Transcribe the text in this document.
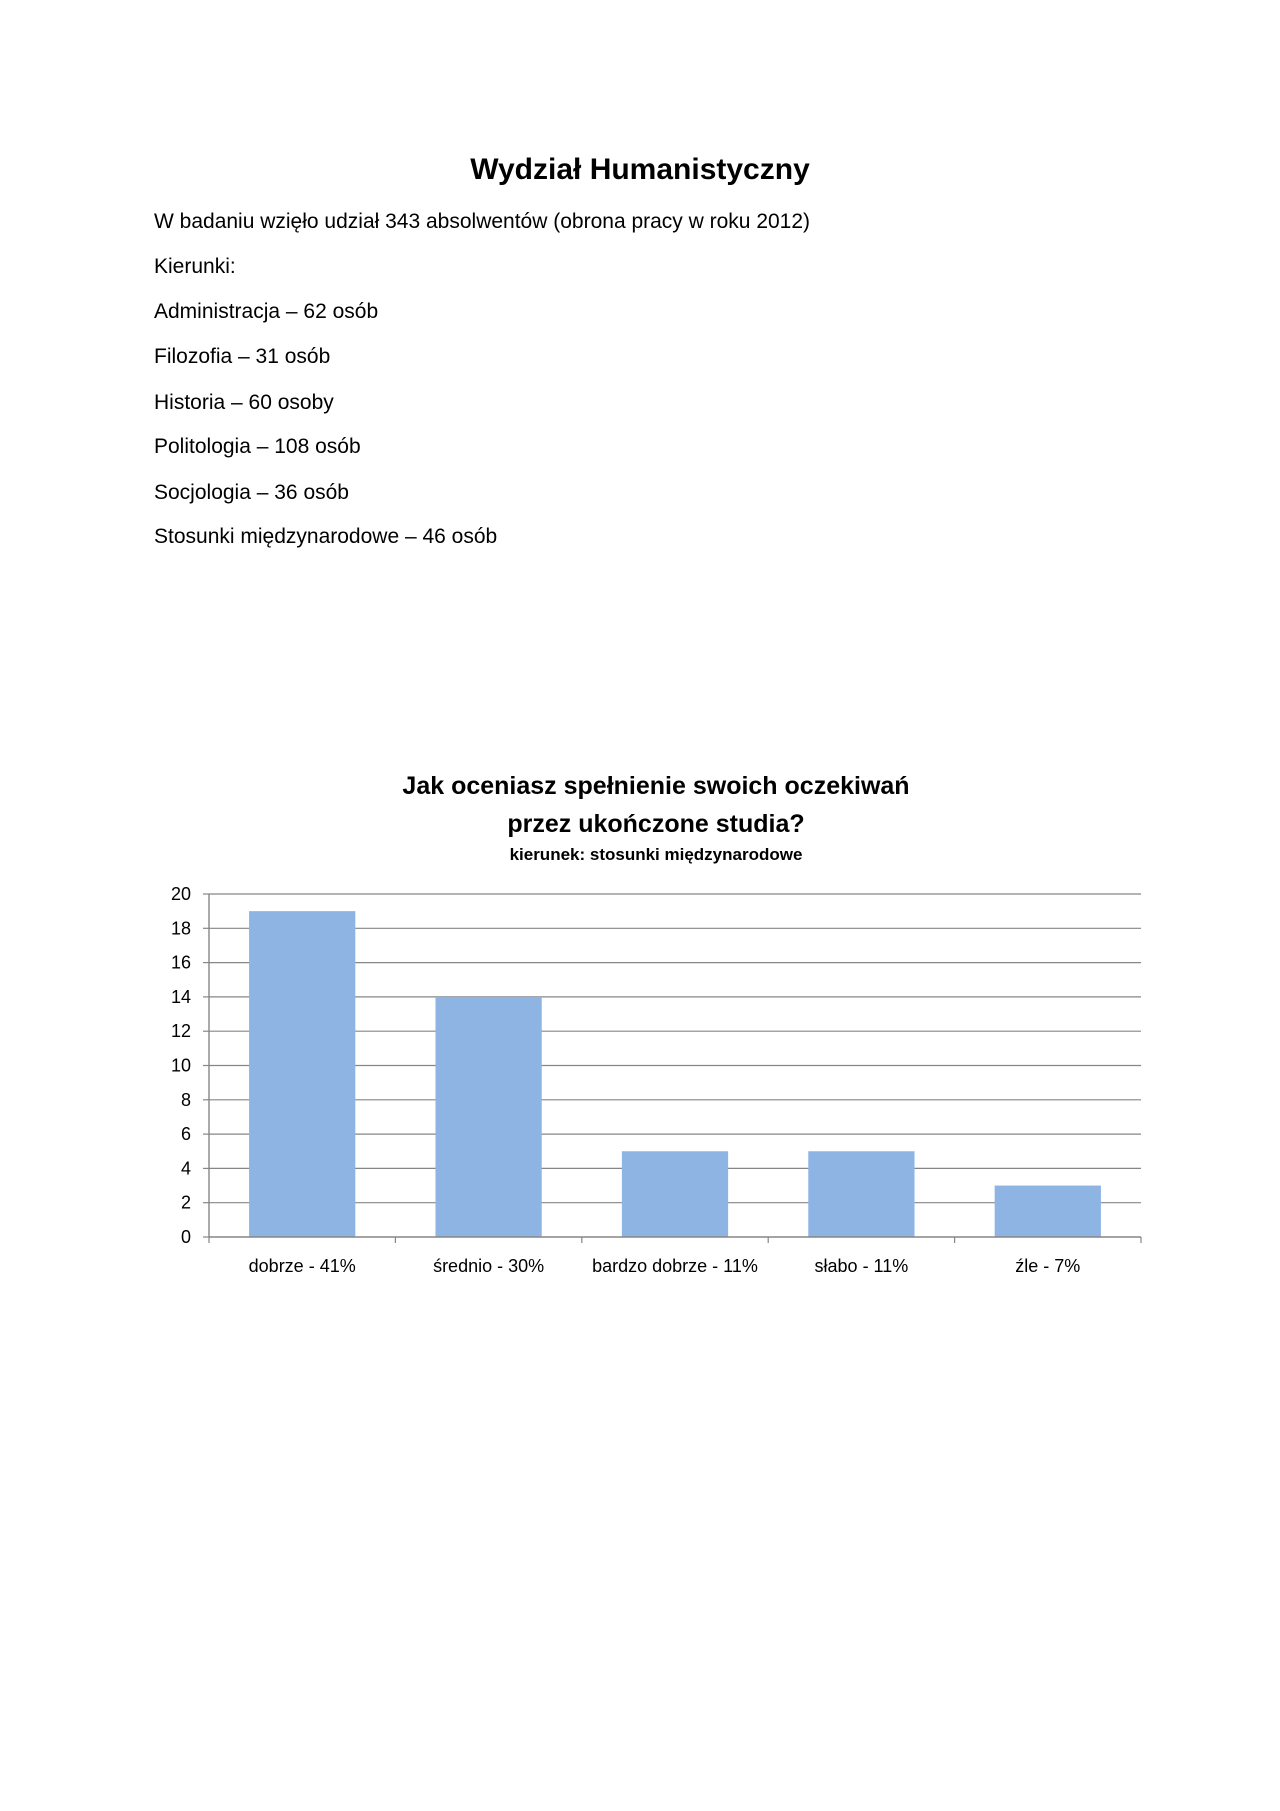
Wydział Humanistyczny

W badaniu wzięło udział 343 absolwentów (obrona pracy w roku 2012)

Kierunki:

Administracja – 62 osób

Filozofia – 31 osób

Historia – 60 osoby

Politologia – 108 osób

Socjologia – 36 osób

Stosunki międzynarodowe – 46 osób

Jak oceniasz spełnienie swoich oczekiwań
przez ukończone studia?
kierunek: stosunki międzynarodowe
0
2
4
6
8
10
12
14
16
18
20
dobrze - 41%	średnio - 30%	bardzo dobrze - 11%	słabo - 11%	źle - 7%
